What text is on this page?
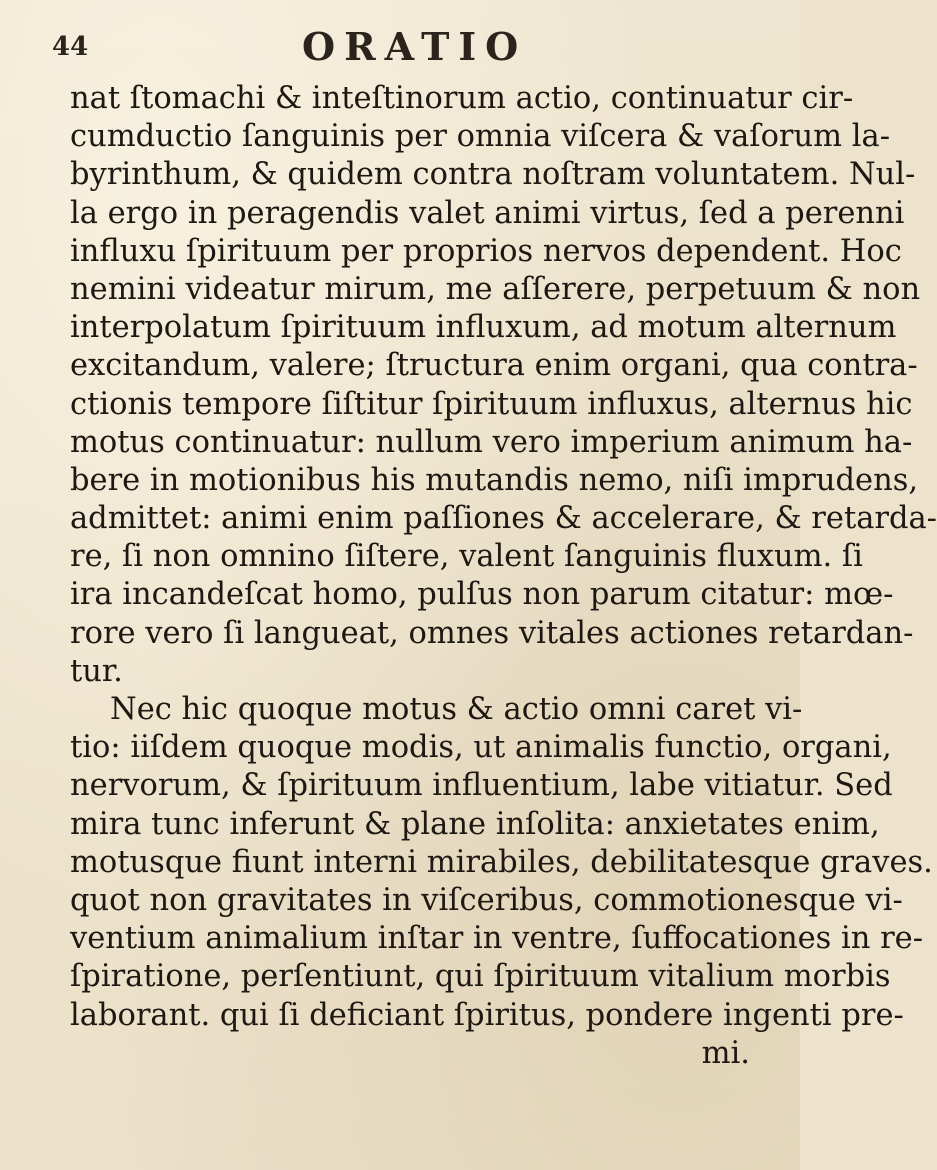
44	ORATIO
nat ſtomachi & inteſtinorum actio, continuatur cir-
cumductio ſanguinis per omnia viſcera & vaſorum la-
byrinthum, & quidem contra noſtram voluntatem. Nul-
la ergo in peragendis valet animi virtus, ſed a perenni
influxu ſpirituum per proprios nervos dependent. Hoc
nemini videatur mirum, me aſſerere, perpetuum & non
interpolatum ſpirituum influxum, ad motum alternum
excitandum, valere; ſtructura enim organi, qua contra-
ctionis tempore ſiſtitur ſpirituum influxus, alternus hic
motus continuatur: nullum vero imperium animum ha-
bere in motionibus his mutandis nemo, niſi imprudens,
admittet: animi enim paſſiones & accelerare, & retarda-
re, ſi non omnino ſiſtere, valent ſanguinis fluxum. ſi
ira incandeſcat homo, pulſus non parum citatur: mœ-
rore vero ſi langueat, omnes vitales actiones retardan-
tur.
Nec hic quoque motus & actio omni caret vi-
tio: iiſdem quoque modis, ut animalis functio, organi,
nervorum, & ſpirituum influentium, labe vitiatur. Sed
mira tunc inferunt & plane inſolita: anxietates enim,
motusque fiunt interni mirabiles, debilitatesque graves.
quot non gravitates in viſceribus, commotionesque vi-
ventium animalium inſtar in ventre, ſuffocationes in re-
ſpiratione, perſentiunt, qui ſpirituum vitalium morbis
laborant. qui ſi deficiant ſpiritus, pondere ingenti pre-
mi.
